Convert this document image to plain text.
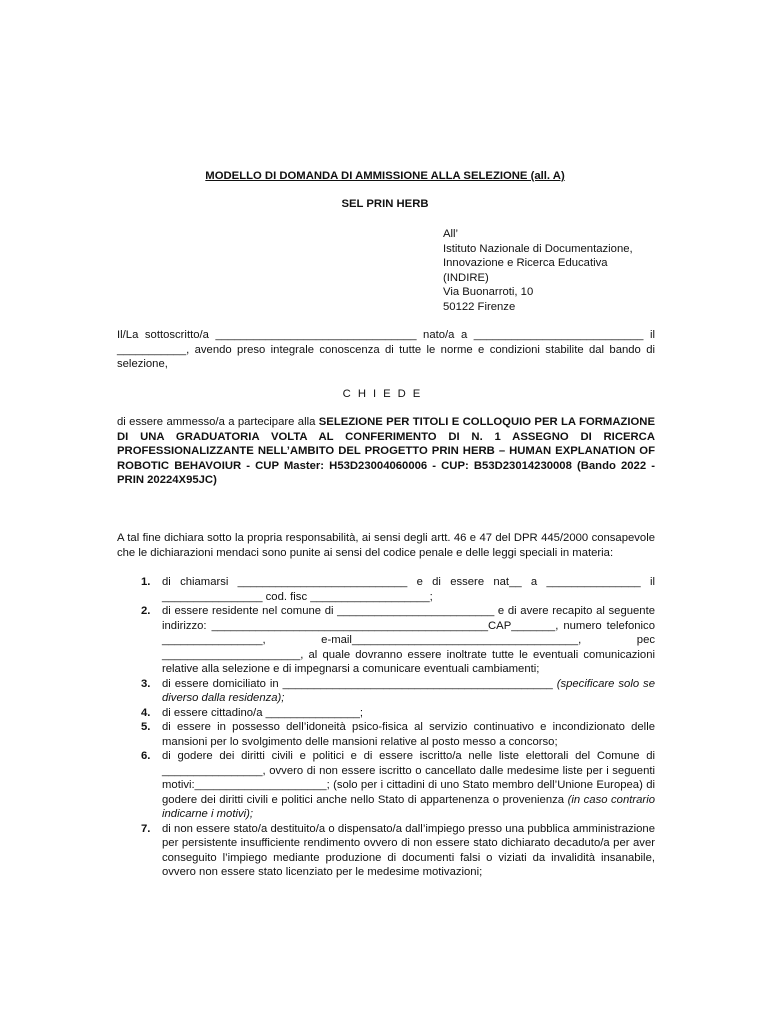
MODELLO DI DOMANDA DI AMMISSIONE ALLA SELEZIONE (all. A)
SEL PRIN HERB
All’
Istituto Nazionale di Documentazione,
Innovazione e Ricerca Educativa
(INDIRE)
Via Buonarroti, 10
50122 Firenze
Il/La sottoscritto/a ________________________________ nato/a a ___________________________ il ___________, avendo preso integrale conoscenza di tutte le norme e condizioni stabilite dal bando di selezione,
CHIEDE
di essere ammesso/a a partecipare alla SELEZIONE PER TITOLI E COLLOQUIO PER LA FORMAZIONE DI UNA GRADUATORIA VOLTA AL CONFERIMENTO DI N. 1 ASSEGNO DI RICERCA PROFESSIONALIZZANTE NELL’AMBITO DEL PROGETTO PRIN HERB – HUMAN EXPLANATION OF ROBOTIC BEHAVOIUR - CUP Master: H53D23004060006 - CUP: B53D23014230008 (Bando 2022 - PRIN 20224X95JC)
A tal fine dichiara sotto la propria responsabilità, ai sensi degli artt. 46 e 47 del DPR 445/2000 consapevole che le dichiarazioni mendaci sono punite ai sensi del codice penale e delle leggi speciali in materia:
1. di chiamarsi ___________________________ e di essere nat__ a _______________ il ________________ cod. fisc ___________________;
2. di essere residente nel comune di _________________________ e di avere recapito al seguente indirizzo: ____________________________________________CAP_______, numero telefonico ________________, e-mail____________________________________, pec ______________________, al quale dovranno essere inoltrate tutte le eventuali comunicazioni relative alla selezione e di impegnarsi a comunicare eventuali cambiamenti;
3. di essere domiciliato in ___________________________________________ (specificare solo se diverso dalla residenza);
4. di essere cittadino/a _______________;
5. di essere in possesso dell’idoneità psico-fisica al servizio continuativo e incondizionato delle mansioni per lo svolgimento delle mansioni relative al posto messo a concorso;
6. di godere dei diritti civili e politici e di essere iscritto/a nelle liste elettorali del Comune di ________________, ovvero di non essere iscritto o cancellato dalle medesime liste per i seguenti motivi:_____________________; (solo per i cittadini di uno Stato membro dell’Unione Europea) di godere dei diritti civili e politici anche nello Stato di appartenenza o provenienza (in caso contrario indicarne i motivi);
7. di non essere stato/a destituito/a o dispensato/a dall’impiego presso una pubblica amministrazione per persistente insufficiente rendimento ovvero di non essere stato dichiarato decaduto/a per aver conseguito l’impiego mediante produzione di documenti falsi o viziati da invalidità insanabile, ovvero non essere stato licenziato per le medesime motivazioni;
